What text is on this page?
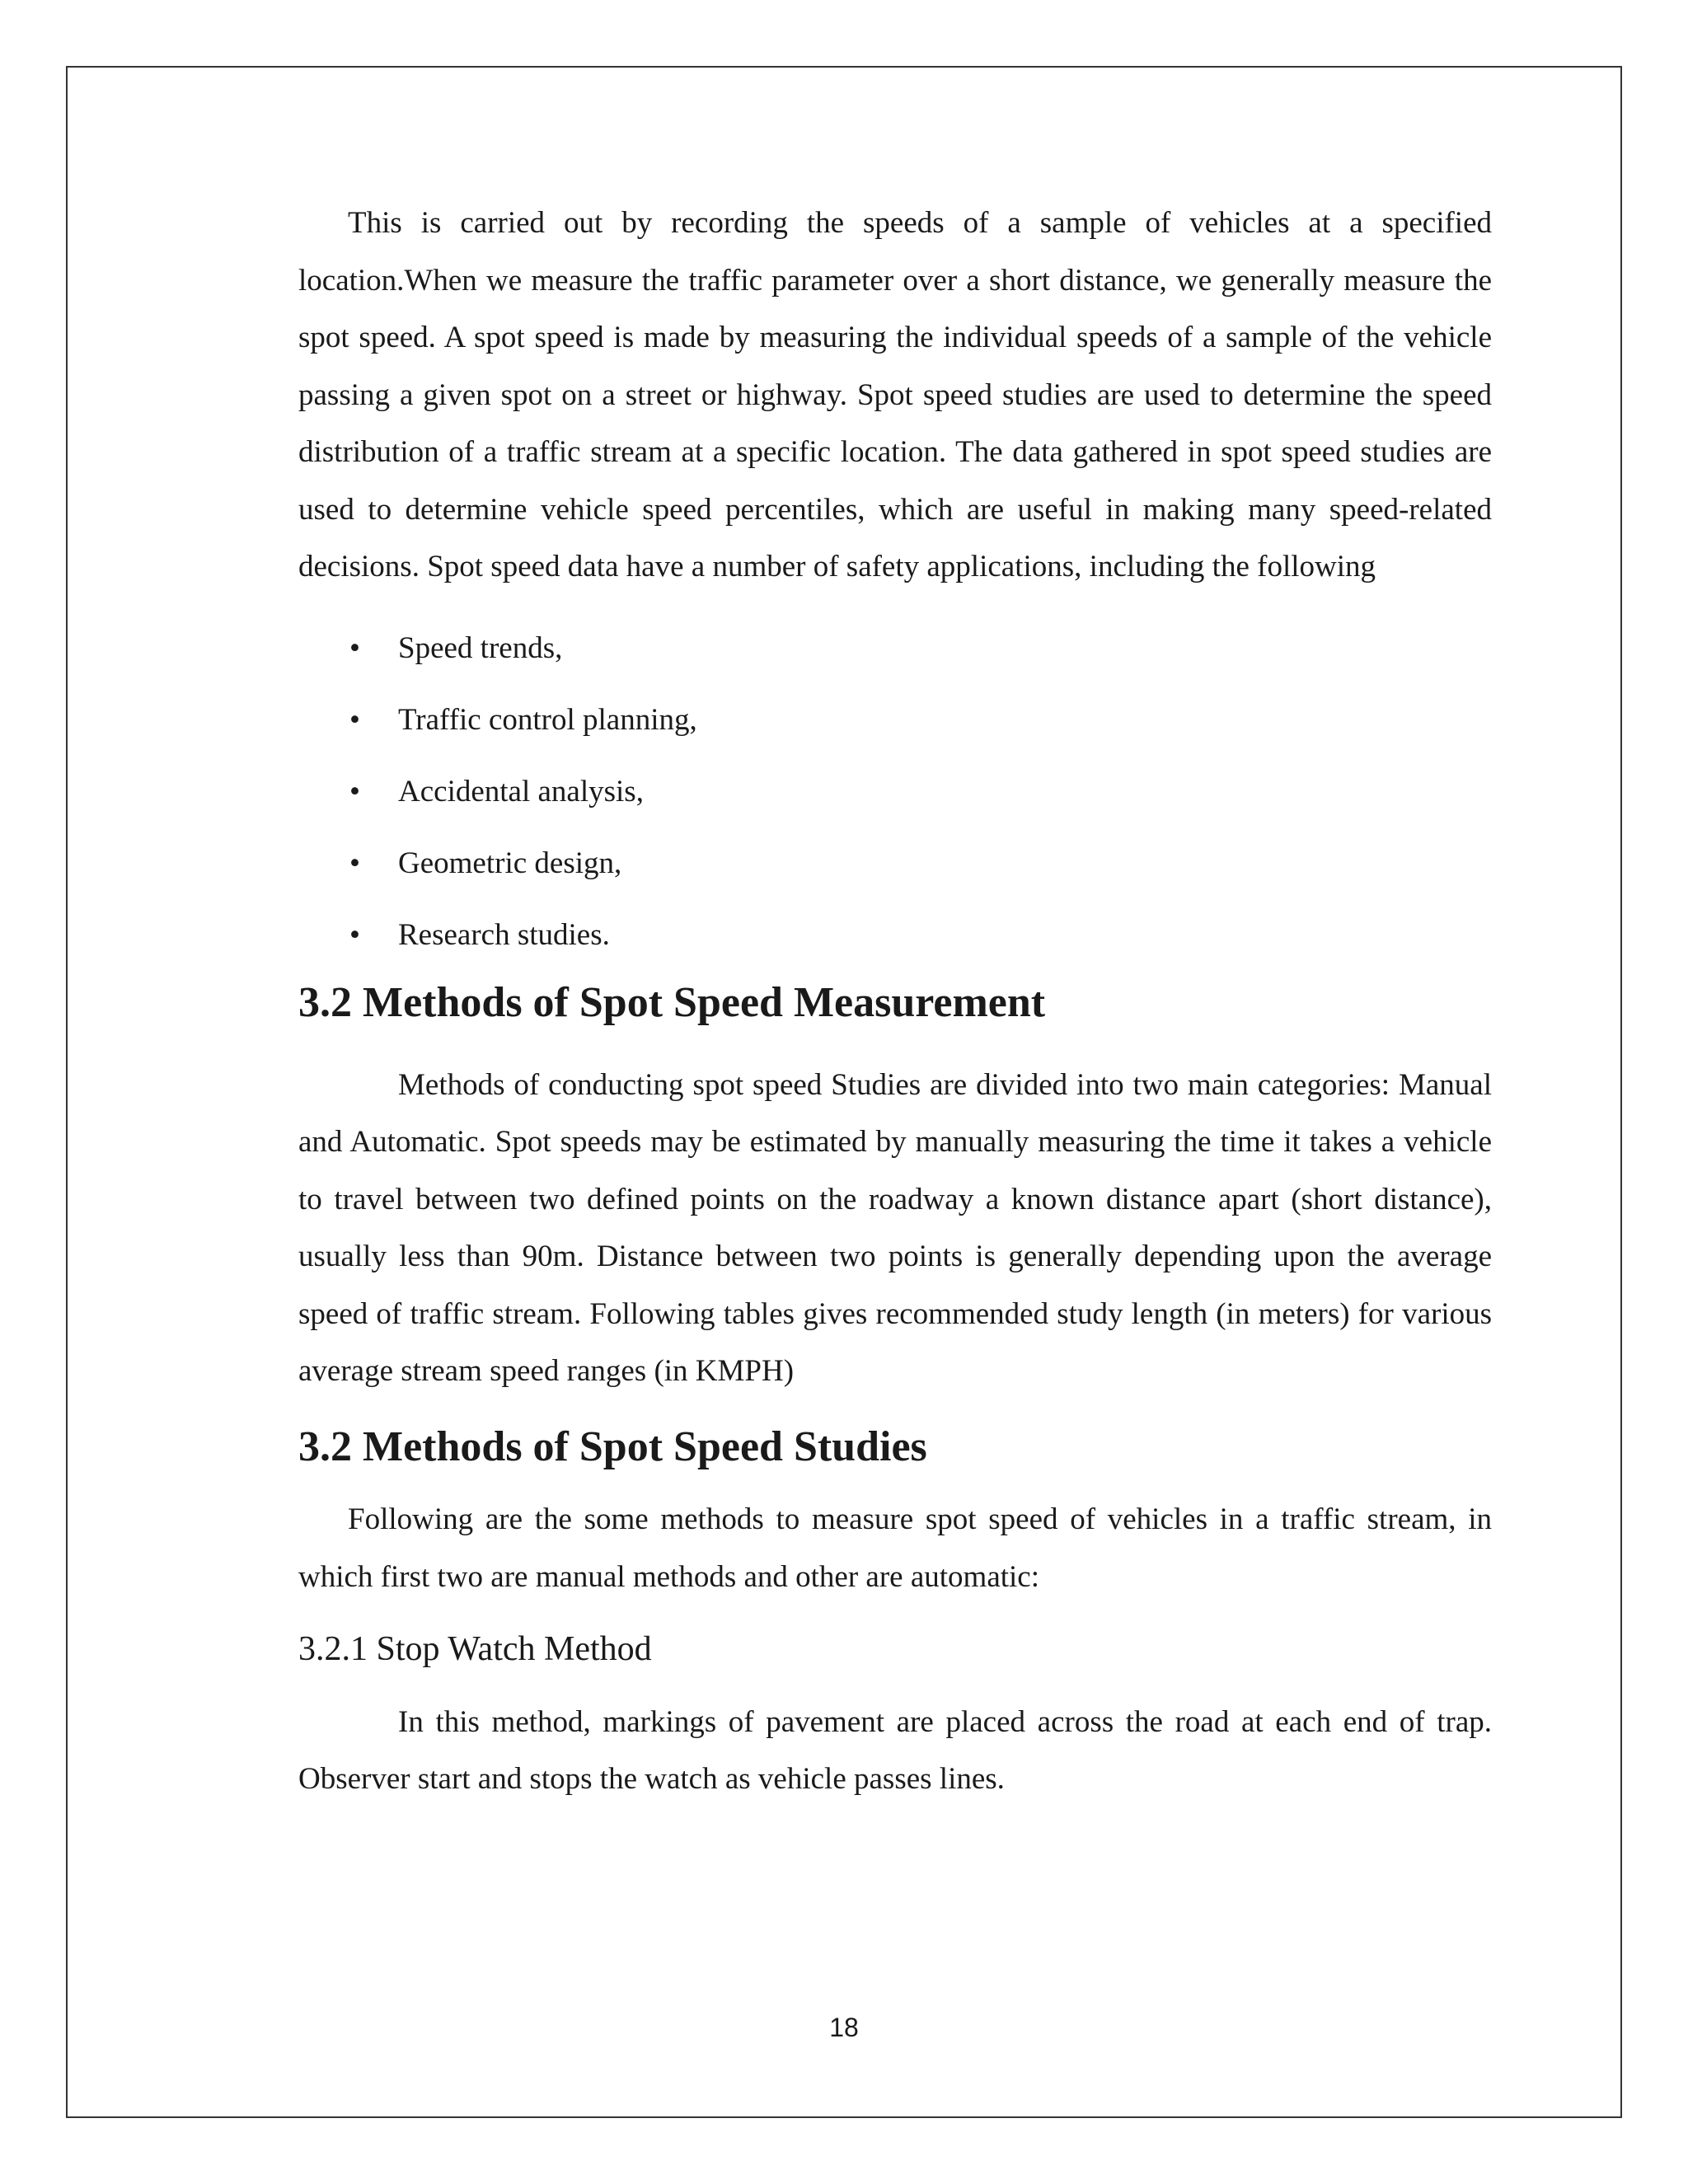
This is carried out by recording the speeds of a sample of vehicles at a specified location.When we measure the traffic parameter over a short distance, we generally measure the spot speed. A spot speed is made by measuring the individual speeds of a sample of the vehicle passing a given spot on a street or highway. Spot speed studies are used to determine the speed distribution of a traffic stream at a specific location. The data gathered in spot speed studies are used to determine vehicle speed percentiles, which are useful in making many speed-related decisions. Spot speed data have a number of safety applications, including the following

• Speed trends,
• Traffic control planning,
• Accidental analysis,
• Geometric design,
• Research studies.
3.2 Methods of Spot Speed Measurement

Methods of conducting spot speed Studies are divided into two main categories: Manual and Automatic. Spot speeds may be estimated by manually measuring the time it takes a vehicle to travel between two defined points on the roadway a known distance apart (short distance), usually less than 90m. Distance between two points is generally depending upon the average speed of traffic stream. Following tables gives recommended study length (in meters) for various average stream speed ranges (in KMPH)

3.2 Methods of Spot Speed Studies

Following are the some methods to measure spot speed of vehicles in a traffic stream, in which first two are manual methods and other are automatic:

3.2.1 Stop Watch Method

In this method, markings of pavement are placed across the road at each end of trap. Observer start and stops the watch as vehicle passes lines.

18
